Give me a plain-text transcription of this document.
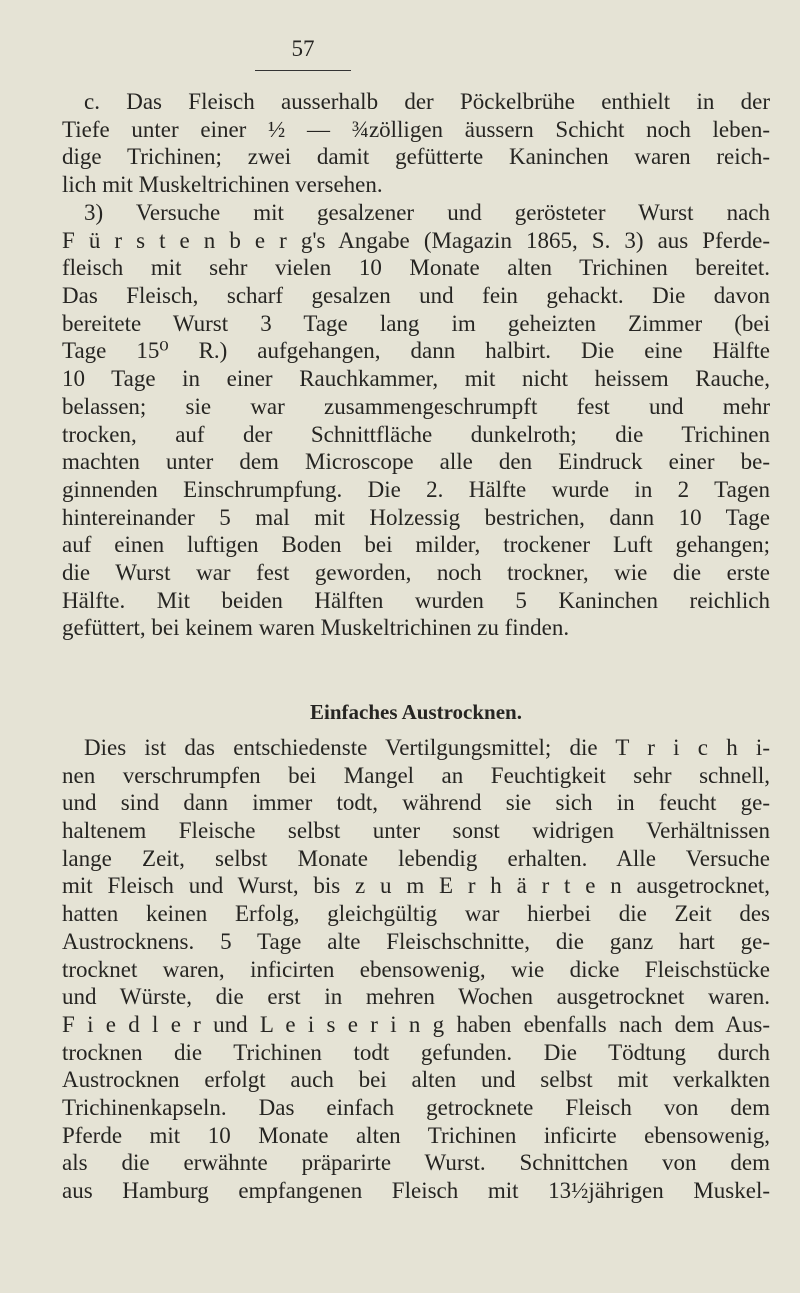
57
c. Das Fleisch ausserhalb der Pöckelbrühe enthielt in der
Tiefe unter einer ½ — ¾zölligen äussern Schicht noch leben-
dige Trichinen; zwei damit gefütterte Kaninchen waren reich-
lich mit Muskeltrichinen versehen.
3) Versuche mit gesalzener und gerösteter Wurst nach
F ü r s t e n b e r g's Angabe (Magazin 1865, S. 3) aus Pferde-
fleisch mit sehr vielen 10 Monate alten Trichinen bereitet.
Das Fleisch, scharf gesalzen und fein gehackt. Die davon
bereitete Wurst 3 Tage lang im geheizten Zimmer (bei
Tage 15⁰ R.) aufgehangen, dann halbirt. Die eine Hälfte
10 Tage in einer Rauchkammer, mit nicht heissem Rauche,
belassen; sie war zusammengeschrumpft fest und mehr
trocken, auf der Schnittfläche dunkelroth; die Trichinen
machten unter dem Microscope alle den Eindruck einer be-
ginnenden Einschrumpfung. Die 2. Hälfte wurde in 2 Tagen
hintereinander 5 mal mit Holzessig bestrichen, dann 10 Tage
auf einen luftigen Boden bei milder, trockener Luft gehangen;
die Wurst war fest geworden, noch trockner, wie die erste
Hälfte. Mit beiden Hälften wurden 5 Kaninchen reichlich
gefüttert, bei keinem waren Muskeltrichinen zu finden.
Einfaches Austrocknen.
Dies ist das entschiedenste Vertilgungsmittel; die T r i c h i-
nen verschrumpfen bei Mangel an Feuchtigkeit sehr schnell,
und sind dann immer todt, während sie sich in feucht ge-
haltenem Fleische selbst unter sonst widrigen Verhältnissen
lange Zeit, selbst Monate lebendig erhalten. Alle Versuche
mit Fleisch und Wurst, bis z u m E r h ä r t e n ausgetrocknet,
hatten keinen Erfolg, gleichgültig war hierbei die Zeit des
Austrocknens. 5 Tage alte Fleischschnitte, die ganz hart ge-
trocknet waren, inficirten ebensowenig, wie dicke Fleischstücke
und Würste, die erst in mehren Wochen ausgetrocknet waren.
F i e d l e r und L e i s e r i n g haben ebenfalls nach dem Aus-
trocknen die Trichinen todt gefunden. Die Tödtung durch
Austrocknen erfolgt auch bei alten und selbst mit verkalkten
Trichinenkapseln. Das einfach getrocknete Fleisch von dem
Pferde mit 10 Monate alten Trichinen inficirte ebensowenig,
als die erwähnte präparirte Wurst. Schnittchen von dem
aus Hamburg empfangenen Fleisch mit 13½jährigen Muskel-
